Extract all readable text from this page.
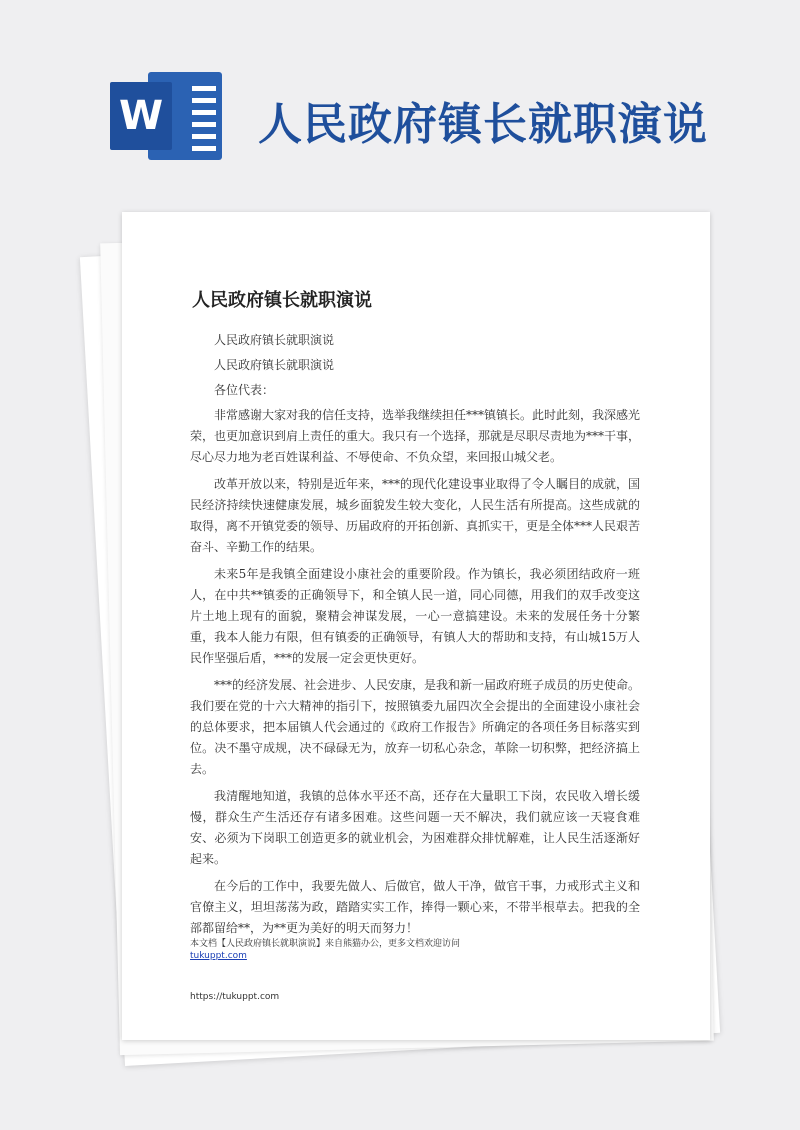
W 人民政府镇长就职演说
人民政府镇长就职演说

人民政府镇长就职演说

人民政府镇长就职演说

各位代表：

非常感谢大家对我的信任支持，选举我继续担任***镇镇长。此时此刻，我深感光荣，也更加意识到肩上责任的重大。我只有一个选择，那就是尽职尽责地为***干事，尽心尽力地为老百姓谋利益、不辱使命、不负众望，来回报山城父老。

改革开放以来，特别是近年来，***的现代化建设事业取得了令人瞩目的成就，国民经济持续快速健康发展，城乡面貌发生较大变化，人民生活有所提高。这些成就的取得，离不开镇党委的领导、历届政府的开拓创新、真抓实干，更是全体***人民艰苦奋斗、辛勤工作的结果。

未来5年是我镇全面建设小康社会的重要阶段。作为镇长，我必须团结政府一班人，在中共**镇委的正确领导下，和全镇人民一道，同心同德，用我们的双手改变这片土地上现有的面貌，聚精会神谋发展，一心一意搞建设。未来的发展任务十分繁重，我本人能力有限，但有镇委的正确领导，有镇人大的帮助和支持，有山城15万人民作坚强后盾，***的发展一定会更快更好。

***的经济发展、社会进步、人民安康，是我和新一届政府班子成员的历史使命。我们要在党的十六大精神的指引下，按照镇委九届四次全会提出的全面建设小康社会的总体要求，把本届镇人代会通过的《政府工作报告》所确定的各项任务目标落实到位。决不墨守成规，决不碌碌无为，放弃一切私心杂念，革除一切积弊，把经济搞上去。

我清醒地知道，我镇的总体水平还不高，还存在大量职工下岗，农民收入增长缓慢，群众生产生活还存有诸多困难。这些问题一天不解决，我们就应该一天寝食难安、必须为下岗职工创造更多的就业机会，为困难群众排忧解难，让人民生活逐渐好起来。

在今后的工作中，我要先做人、后做官，做人干净，做官干事，力戒形式主义和官僚主义，坦坦荡荡为政，踏踏实实工作，捧得一颗心来，不带半根草去。把我的全部都留给**，为**更为美好的明天而努力！

本文档【人民政府镇长就职演说】来自熊猫办公，更多文档欢迎访问
tukuppt.com
https://tukuppt.com
